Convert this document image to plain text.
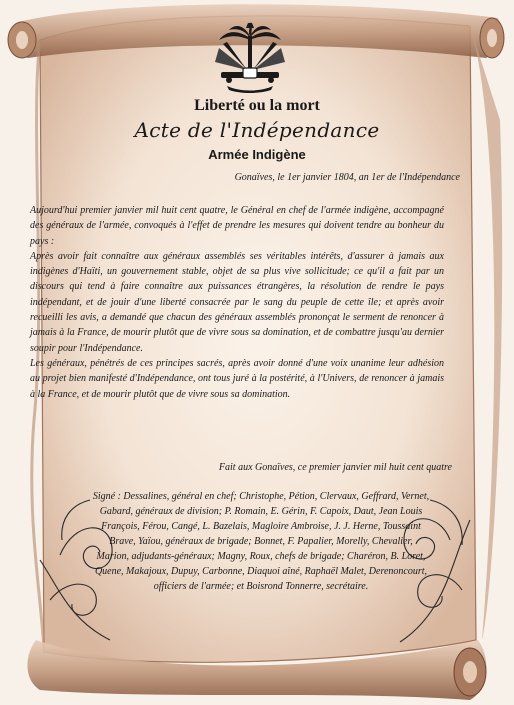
Liberté ou la mort
Acte de l'Indépendance
Armée Indigène
Gonaïves, le 1er janvier 1804, an 1er de l'Indépendance

Aujourd'hui premier janvier mil huit cent quatre, le Général en chef de l'armée indigène, accompagné des généraux de l'armée, convoqués à l'effet de prendre les mesures qui doivent tendre au bonheur du pays :

Après avoir fait connaître aux généraux assemblés ses véritables intérêts, d'assurer à jamais aux indigènes d'Haïti, un gouvernement stable, objet de sa plus vive sollicitude; ce qu'il a fait par un discours qui tend à faire connaître aux puissances étrangères, la résolution de rendre le pays indépendant, et de jouir d'une liberté consacrée par le sang du peuple de cette île; et après avoir recueilli les avis, a demandé que chacun des généraux assemblés prononçat le serment de renoncer à jamais à la France, de mourir plutôt que de vivre sous sa domination, et de combattre jusqu'au dernier soupir pour l'Indépendance.

Les généraux, pénétrés de ces principes sacrés, après avoir donné d'une voix unanime leur adhésion au projet bien manifesté d'Indépendance, ont tous juré à la postérité, à l'Univers, de renoncer à jamais à la France, et de mourir plutôt que de vivre sous sa domination.

Fait aux Gonaïves, ce premier janvier mil huit cent quatre
Signé : Dessalines, général en chef; Christophe, Pétion, Clervaux, Geffrard, Vernet, Gabard, généraux de division; P. Romain, E. Gérin, F. Capoix, Daut, Jean Louis François, Férou, Cangé, L. Bazelais, Magloire Ambroise, J. J. Herne, Toussaint Brave, Yaïou, généraux de brigade; Bonnet, F. Papalier, Morelly, Chevalier, Marion, adjudants-généraux; Magny, Roux, chefs de brigade; Charéron, B. Loret, Quene, Makajoux, Dupuy, Carbonne, Diaquoi aîné, Raphaël Malet, Derenoncourt, officiers de l'armée; et Boisrond Tonnerre, secrétaire.
